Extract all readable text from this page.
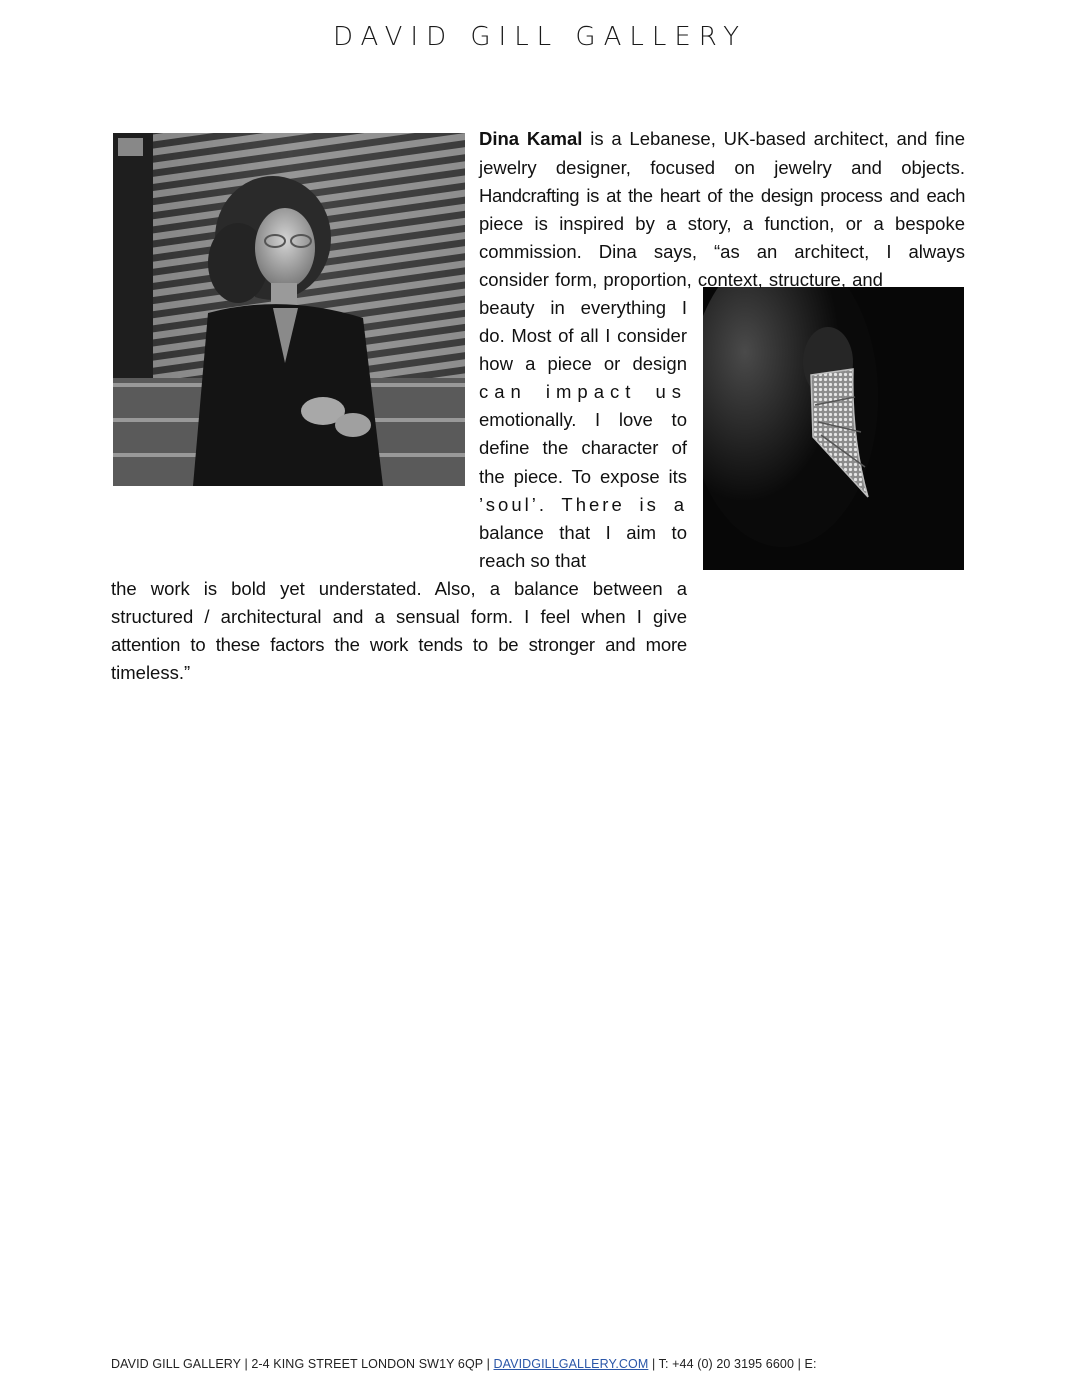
DAVID GILL GALLERY
Dina Kamal is a Lebanese, UK-based architect, and fine
jewelry designer, focused on jewelry and objects.
Handcrafting is at the heart of the design process and each
piece is inspired by a story, a function, or a bespoke
commission. Dina says, “as an architect, I always
consider form, proportion, context, structure, and
beauty in everything I
do. Most of all I consider
how a piece or design
can impact us
emotionally. I love to
define the character of
the piece. To expose its
’soul’. There is a
balance that I aim to
reach so that
the work is bold yet understated. Also, a balance between a
structured / architectural and a sensual form. I feel when I give
attention to these factors the work tends to be stronger and more
timeless.”
DAVID GILL GALLERY | 2-4 KING STREET LONDON SW1Y 6QP | DAVIDGILLGALLERY.COM | T: +44 (0) 20 3195 6600 | E:
